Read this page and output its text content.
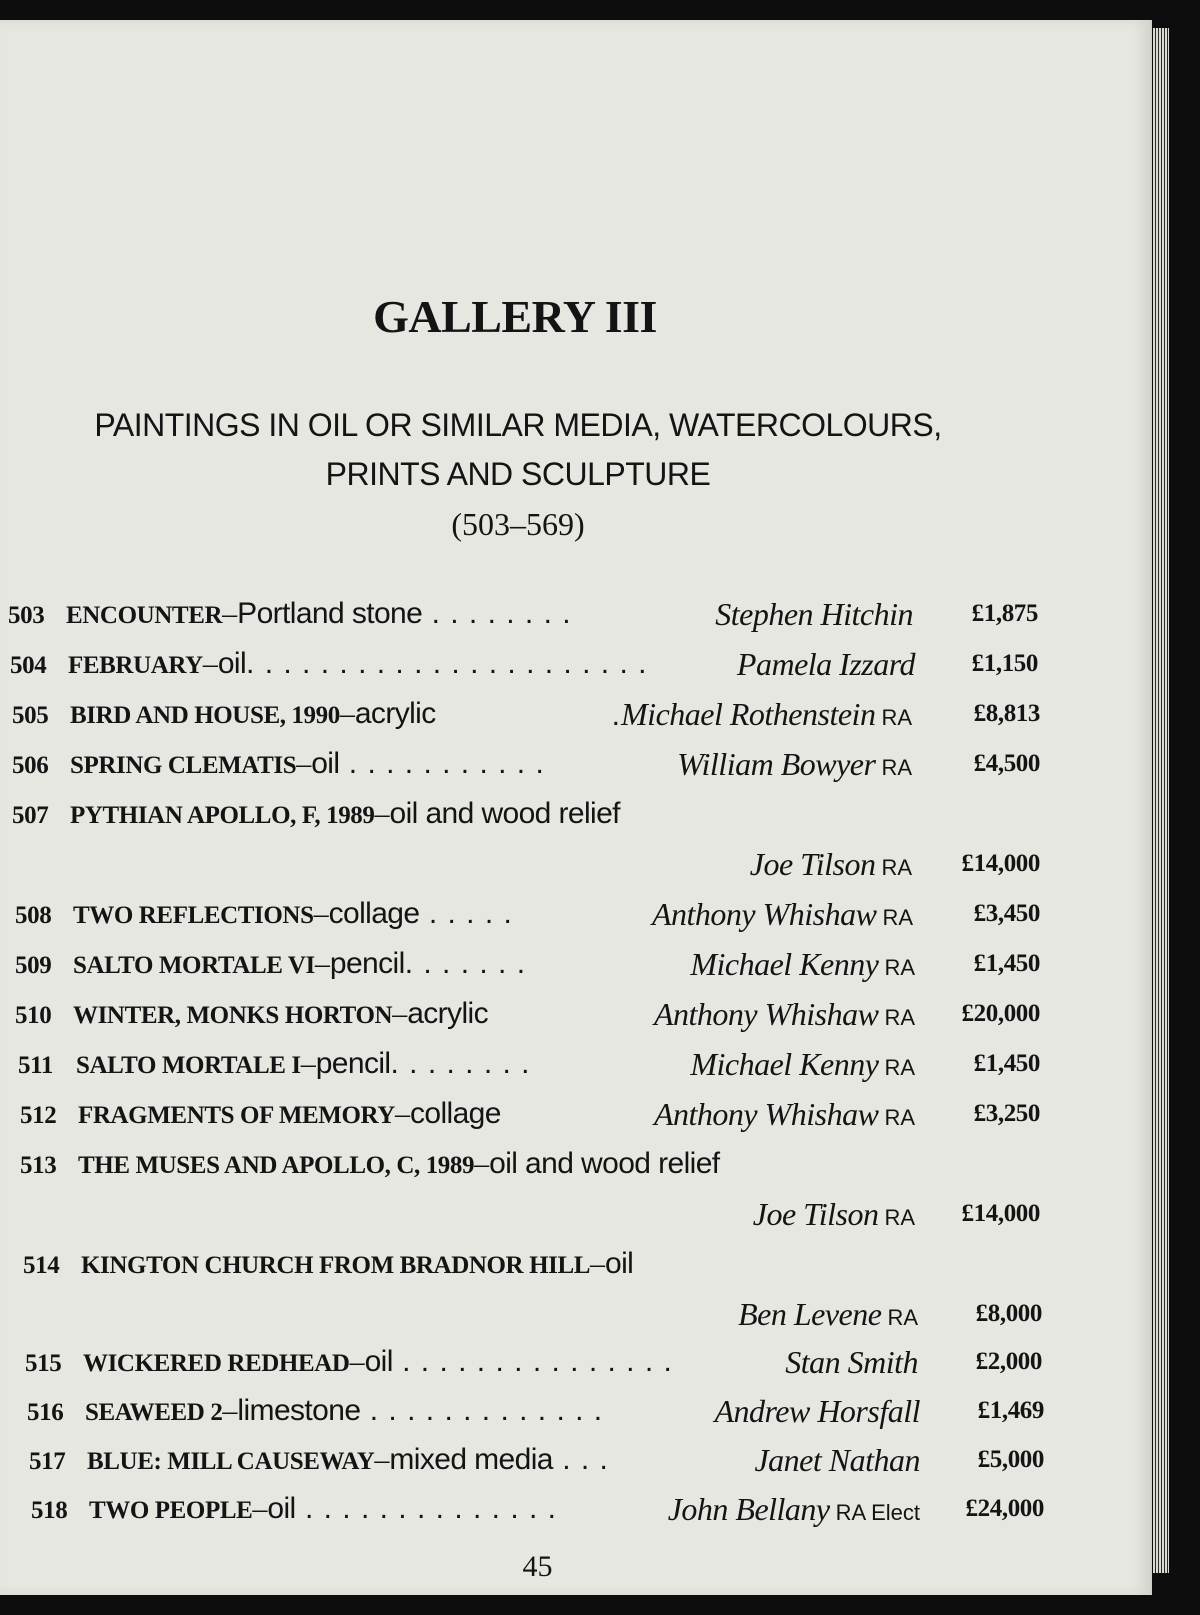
GALLERY III

PAINTINGS IN OIL OR SIMILAR MEDIA, WATERCOLOURS,

PRINTS AND SCULPTURE

(503–569)

503 ENCOUNTER–Portland stone . . . . . . . .	Stephen Hitchin	£1,875
504 FEBRUARY–oil. . . . . . . . . . . . . . . . . . . . . .	Pamela Izzard	£1,150
505 BIRD AND HOUSE, 1990–acrylic	.Michael Rothenstein RA	£8,813
506 SPRING CLEMATIS–oil . . . . . . . . . . .	William Bowyer RA	£4,500
507 PYTHIAN APOLLO, F, 1989–oil and wood relief
Joe Tilson RA	£14,000
508 TWO REFLECTIONS–collage . . . . .	Anthony Whishaw RA	£3,450
509 SALTO MORTALE VI–pencil. . . . . . .	Michael Kenny RA	£1,450
510 WINTER, MONKS HORTON–acrylic	Anthony Whishaw RA	£20,000
511 SALTO MORTALE I–pencil. . . . . . . .	Michael Kenny RA	£1,450
512 FRAGMENTS OF MEMORY–collage	Anthony Whishaw RA	£3,250
513 THE MUSES AND APOLLO, C, 1989–oil and wood relief
Joe Tilson RA	£14,000
514 KINGTON CHURCH FROM BRADNOR HILL–oil
Ben Levene RA	£8,000
515 WICKERED REDHEAD–oil . . . . . . . . . . . . . . .	Stan Smith	£2,000
516 SEAWEED 2–limestone . . . . . . . . . . . . .	Andrew Horsfall	£1,469
517 BLUE: MILL CAUSEWAY–mixed media . . .	Janet Nathan	£5,000
518 TWO PEOPLE–oil . . . . . . . . . . . . . .	John Bellany RA Elect	£24,000

45
